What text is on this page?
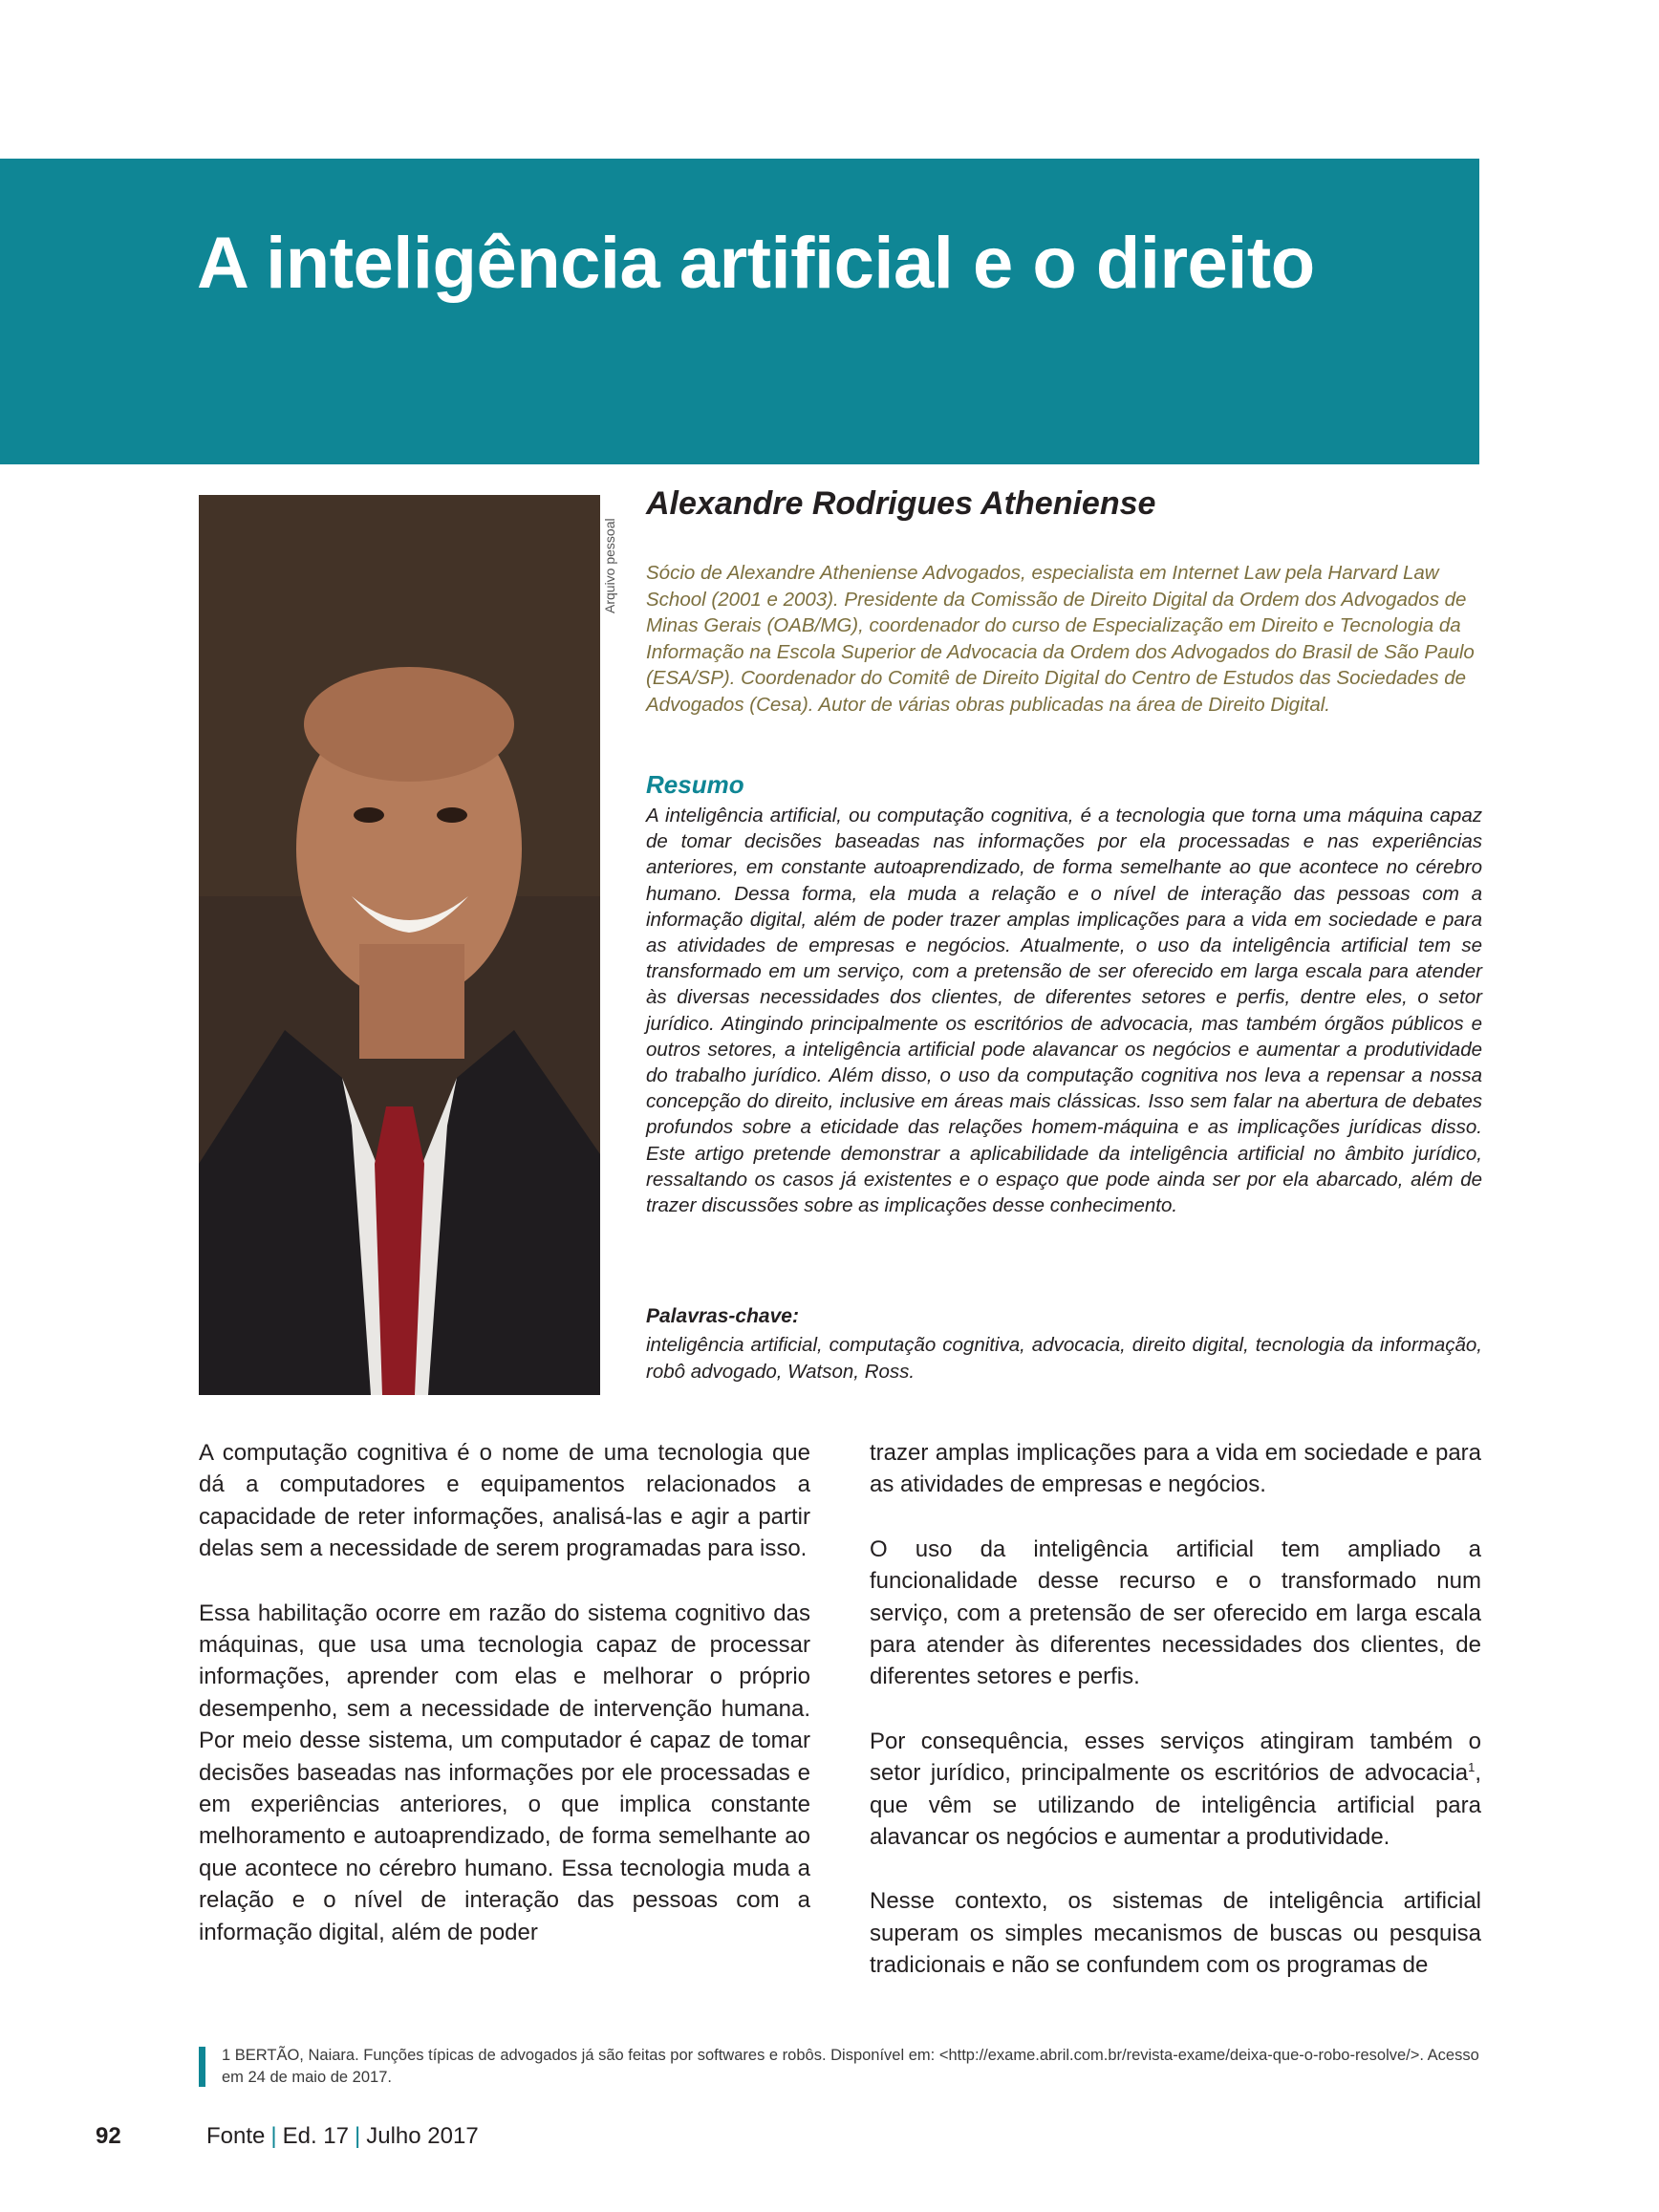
A inteligência artificial e o direito
Arquivo pessoal
Alexandre Rodrigues Atheniense

Sócio de Alexandre Atheniense Advogados, especialista em Internet Law pela Harvard Law School (2001 e 2003). Presidente da Comissão de Direito Digital da Ordem dos Advogados de Minas Gerais (OAB/MG), coordenador do curso de Especialização em Direito e Tecnologia da Informação na Escola Superior de Advocacia da Ordem dos Advogados do Brasil de São Paulo (ESA/SP). Coordenador do Comitê de Direito Digital do Centro de Estudos das Sociedades de Advogados (Cesa). Autor de várias obras publicadas na área de Direito Digital.

Resumo

A inteligência artificial, ou computação cognitiva, é a tecnologia que torna uma máquina capaz de tomar decisões baseadas nas informações por ela processadas e nas experiências anteriores, em constante autoaprendizado, de forma semelhante ao que acontece no cérebro humano. Dessa forma, ela muda a relação e o nível de interação das pessoas com a informação digital, além de poder trazer amplas implicações para a vida em sociedade e para as atividades de empresas e negócios. Atualmente, o uso da inteligência artificial tem se transformado em um serviço, com a pretensão de ser oferecido em larga escala para atender às diversas necessidades dos clientes, de diferentes setores e perfis, dentre eles, o setor jurídico. Atingindo principalmente os escritórios de advocacia, mas também órgãos públicos e outros setores, a inteligência artificial pode alavancar os negócios e aumentar a produtividade do trabalho jurídico. Além disso, o uso da computação cognitiva nos leva a repensar a nossa concepção do direito, inclusive em áreas mais clássicas. Isso sem falar na abertura de debates profundos sobre a eticidade das relações homem-máquina e as implicações jurídicas disso. Este artigo pretende demonstrar a aplicabilidade da inteligência artificial no âmbito jurídico, ressaltando os casos já existentes e o espaço que pode ainda ser por ela abarcado, além de trazer discussões sobre as implicações desse conhecimento.

Palavras-chave:

inteligência artificial, computação cognitiva, advocacia, direito digital, tecnologia da informação, robô advogado, Watson, Ross.

A computação cognitiva é o nome de uma tecnologia que dá a computadores e equipamentos relacionados a capacidade de reter informações, analisá-las e agir a partir delas sem a necessidade de serem programadas para isso.

Essa habilitação ocorre em razão do sistema cognitivo das máquinas, que usa uma tecnologia capaz de processar informações, aprender com elas e melhorar o próprio desempenho, sem a necessidade de intervenção humana. Por meio desse sistema, um computador é capaz de tomar decisões baseadas nas informações por ele processadas e em experiências anteriores, o que implica constante melhoramento e autoaprendizado, de forma semelhante ao que acontece no cérebro humano. Essa tecnologia muda a relação e o nível de interação das pessoas com a informação digital, além de poder

trazer amplas implicações para a vida em sociedade e para as atividades de empresas e negócios.

O uso da inteligência artificial tem ampliado a funcionalidade desse recurso e o transformado num serviço, com a pretensão de ser oferecido em larga escala para atender às diferentes necessidades dos clientes, de diferentes setores e perfis.

Por consequência, esses serviços atingiram também o setor jurídico, principalmente os escritórios de advocacia$^1$, que vêm se utilizando de inteligência artificial para alavancar os negócios e aumentar a produtividade.

Nesse contexto, os sistemas de inteligência artificial superam os simples mecanismos de buscas ou pesquisa tradicionais e não se confundem com os programas de

1 BERTÃO, Naiara. Funções típicas de advogados já são feitas por softwares e robôs. Disponível em: <http://exame.abril.com.br/revista-exame/deixa-que-o-robo-resolve/>. Acesso em 24 de maio de 2017.

92	Fonte | Ed. 17 | Julho 2017
